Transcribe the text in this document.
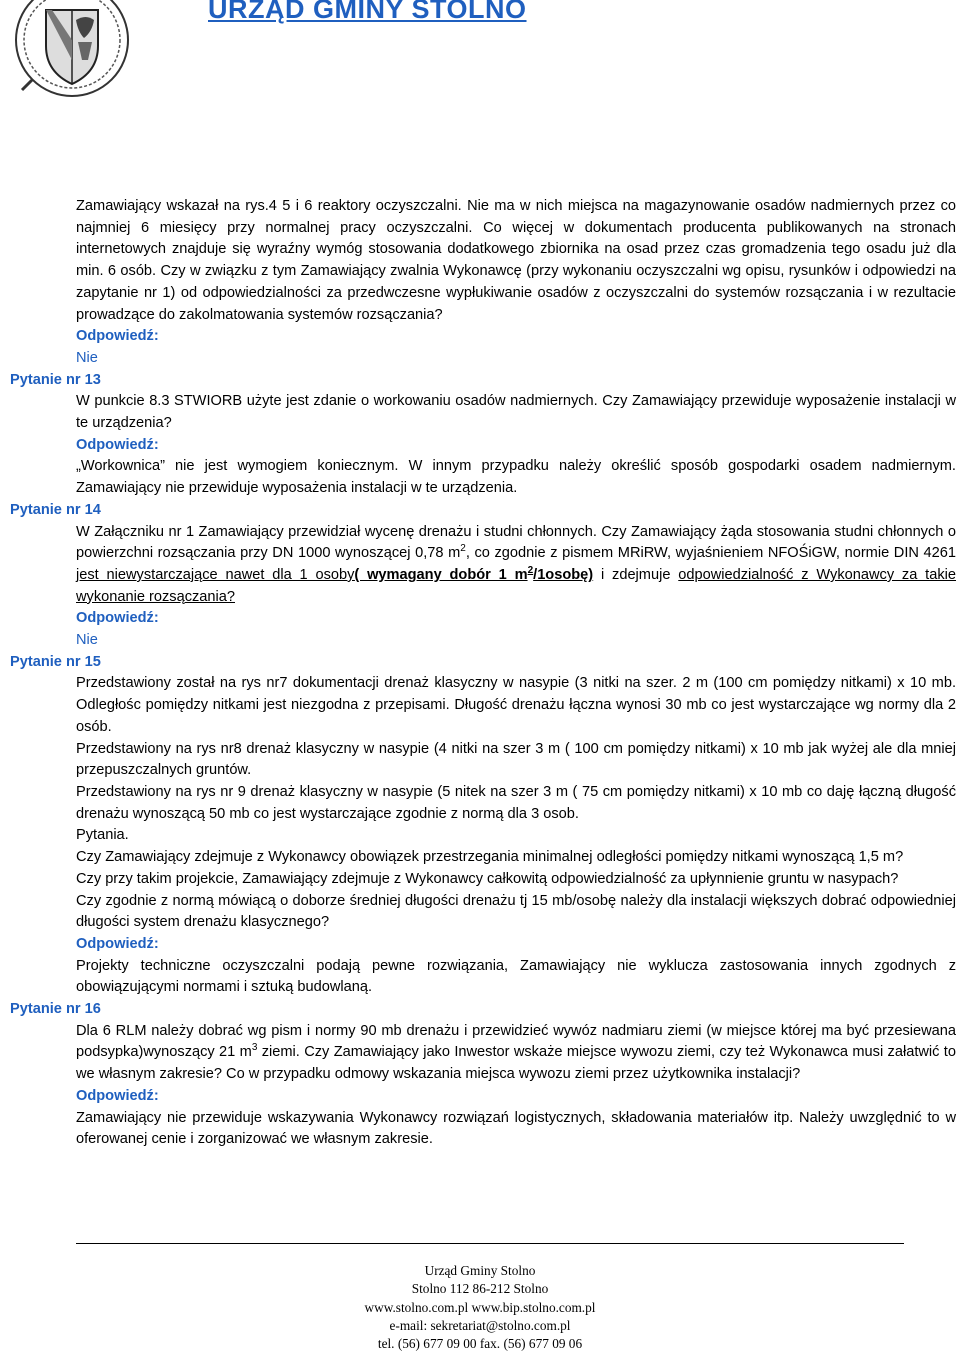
URZĄD GMINY STOLNO
Zamawiający wskazał na rys.4 5 i 6 reaktory oczyszczalni. Nie ma w nich miejsca na magazynowanie osadów nadmiernych przez co najmniej 6 miesięcy przy normalnej pracy oczyszczalni. Co więcej w dokumentach producenta publikowanych na stronach internetowych znajduje się wyraźny wymóg stosowania dodatkowego zbiornika na osad przez czas gromadzenia tego osadu już dla min. 6 osób. Czy w związku z tym Zamawiający zwalnia Wykonawcę (przy wykonaniu oczyszczalni wg opisu, rysunków i odpowiedzi na zapytanie nr 1) od odpowiedzialności za przedwczesne wypłukiwanie osadów z oczyszczalni do systemów rozsączania i w rezultacie prowadzące do zakolmatowania systemów rozsączania?
Odpowiedź:
Nie
Pytanie nr 13
W punkcie 8.3 STWIORB użyte jest zdanie o workowaniu osadów nadmiernych. Czy Zamawiający przewiduje wyposażenie instalacji w te urządzenia?
Odpowiedź:
„Workownica” nie jest wymogiem koniecznym. W innym przypadku należy określić sposób gospodarki osadem nadmiernym. Zamawiający nie przewiduje wyposażenia instalacji w te urządzenia.
Pytanie nr 14
W Załączniku nr 1 Zamawiający przewidział wycenę drenażu i studni chłonnych. Czy Zamawiający żąda stosowania studni chłonnych o powierzchni rozsączania przy DN 1000 wynoszącej 0,78 $m^2$, co zgodnie z pismem MRiRW, wyjaśnieniem NFOŚiGW, normie DIN 4261 jest niewystarczające nawet dla 1 osoby( wymagany dobór 1 $m^2/1osobę$) i zdejmuje odpowiedzialność z Wykonawcy za takie wykonanie rozsączania?
Odpowiedź:
Nie
Pytanie nr 15
Przedstawiony został na rys nr7 dokumentacji drenaż klasyczny w nasypie (3 nitki na szer. 2 m (100 cm pomiędzy nitkami) x 10 mb. Odległośc pomiędzy nitkami jest niezgodna z przepisami. Długość drenażu łączna wynosi 30 mb co jest wystarczające wg normy dla 2 osób.
Przedstawiony na rys nr8 drenaż klasyczny w nasypie (4 nitki na szer 3 m ( 100 cm pomiędzy nitkami) x 10 mb jak wyżej ale dla mniej przepuszczalnych gruntów.
Przedstawiony na rys nr 9 drenaż klasyczny w nasypie (5 nitek na szer 3 m ( 75 cm pomiędzy nitkami) x 10 mb co daję łączną długość drenażu wynoszącą 50 mb co jest wystarczające zgodnie z normą dla 3 osob.
Pytania.
Czy Zamawiający zdejmuje z Wykonawcy obowiązek przestrzegania minimalnej odległości pomiędzy nitkami wynoszącą 1,5 m?
Czy przy takim projekcie, Zamawiający zdejmuje z Wykonawcy całkowitą odpowiedzialność za upłynnienie gruntu w nasypach?
Czy zgodnie z normą mówiącą o doborze średniej długości drenażu tj 15 mb/osobę należy dla instalacji większych dobrać odpowiedniej długości system drenażu klasycznego?
Odpowiedź:
Projekty techniczne oczyszczalni podają pewne rozwiązania, Zamawiający nie wyklucza zastosowania innych zgodnych z obowiązującymi normami i sztuką budowlaną.
Pytanie nr 16
Dla 6 RLM należy dobrać wg pism i normy 90 mb drenażu i przewidzieć wywóz nadmiaru ziemi (w miejsce której ma być przesiewana podsypka)wynoszący 21 $m^3$ ziemi. Czy Zamawiający jako Inwestor wskaże miejsce wywozu ziemi, czy też Wykonawca musi załatwić to we własnym zakresie? Co w przypadku odmowy wskazania miejsca wywozu ziemi przez użytkownika instalacji?
Odpowiedź:
Zamawiający nie przewiduje wskazywania Wykonawcy rozwiązań logistycznych, składowania materiałów itp. Należy uwzględnić to w oferowanej cenie i zorganizować we własnym zakresie.
Urząd Gminy Stolno
Stolno 112 86-212 Stolno
www.stolno.com.pl www.bip.stolno.com.pl
e-mail: sekretariat@stolno.com.pl
tel. (56) 677 09 00 fax. (56) 677 09 06
